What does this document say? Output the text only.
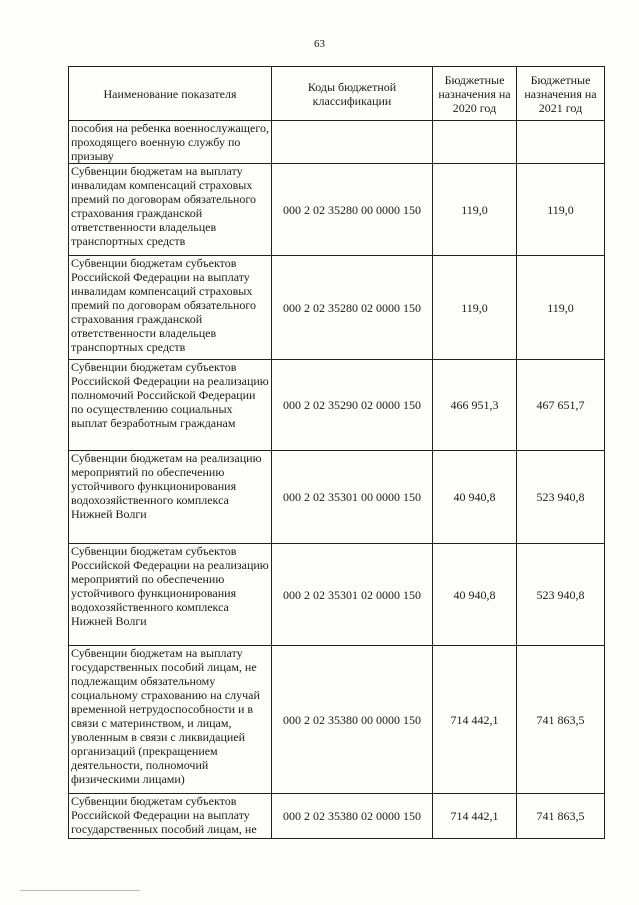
63
Наименование показателя	Коды бюджетной классификации	Бюджетные назначения на 2020 год	Бюджетные назначения на 2021 год
пособия на ребенка военнослужащего, проходящего военную службу по призыву			
Субвенции бюджетам на выплату инвалидам компенсаций страховых премий по договорам обязательного страхования гражданской ответственности владельцев транспортных средств	000 2 02 35280 00 0000 150	119,0	119,0
Субвенции бюджетам субъектов Российской Федерации на выплату инвалидам компенсаций страховых премий по договорам обязательного страхования гражданской ответственности владельцев транспортных средств	000 2 02 35280 02 0000 150	119,0	119,0
Субвенции бюджетам субъектов Российской Федерации на реализацию полномочий Российской Федерации по осуществлению социальных выплат безработным гражданам	000 2 02 35290 02 0000 150	466 951,3	467 651,7
Субвенции бюджетам на реализацию мероприятий по обеспечению устойчивого функционирования водохозяйственного комплекса Нижней Волги	000 2 02 35301 00 0000 150	40 940,8	523 940,8
Субвенции бюджетам субъектов Российской Федерации на реализацию мероприятий по обеспечению устойчивого функционирования водохозяйственного комплекса Нижней Волги	000 2 02 35301 02 0000 150	40 940,8	523 940,8
Субвенции бюджетам на выплату государственных пособий лицам, не подлежащим обязательному социальному страхованию на случай временной нетрудоспособности и в связи с материнством, и лицам, уволенным в связи с ликвидацией организаций (прекращением деятельности, полномочий физическими лицами)	000 2 02 35380 00 0000 150	714 442,1	741 863,5
Субвенции бюджетам субъектов Российской Федерации на выплату государственных пособий лицам, не	000 2 02 35380 02 0000 150	714 442,1	741 863,5
